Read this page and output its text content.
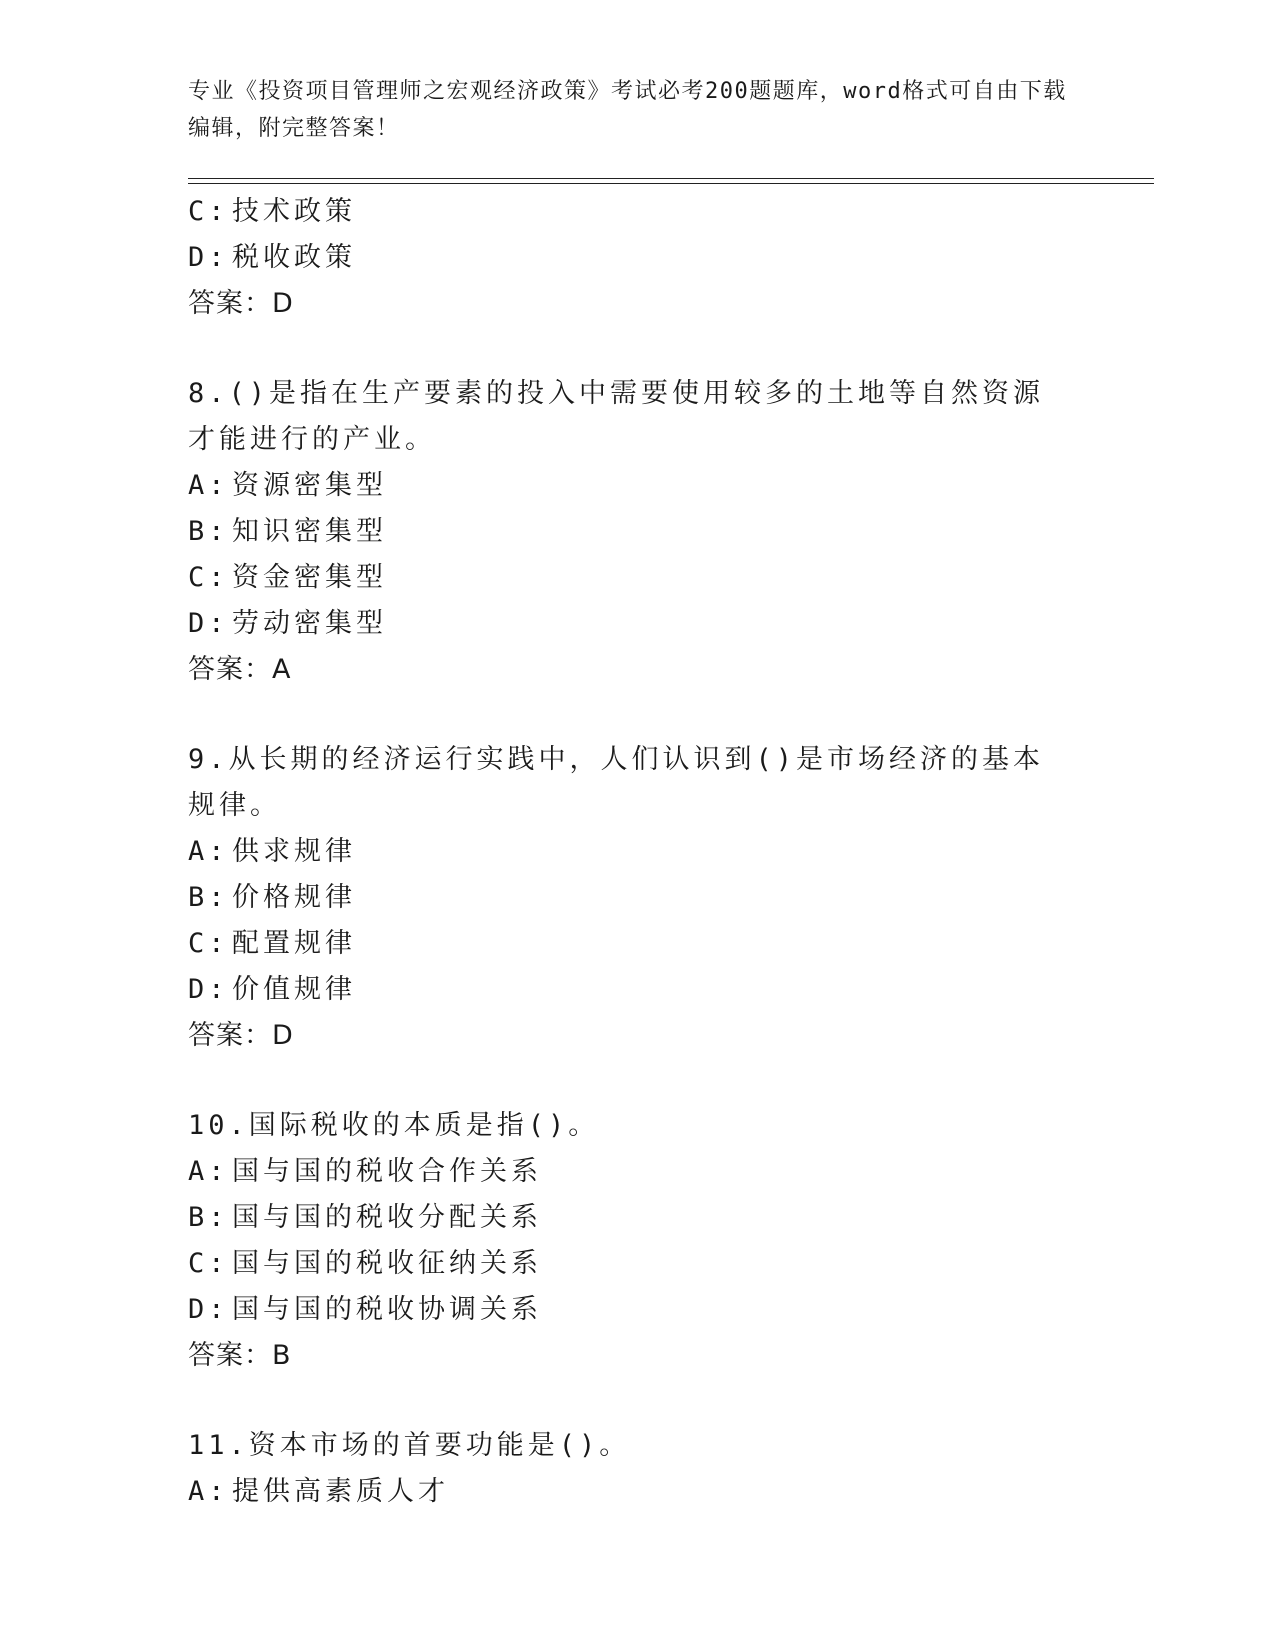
专业《投资项目管理师之宏观经济政策》考试必考200题题库，word格式可自由下载编辑，附完整答案！
C: 技术政策
D: 税收政策
答案：D
8.()是指在生产要素的投入中需要使用较多的土地等自然资源才能进行的产业。
A: 资源密集型
B: 知识密集型
C: 资金密集型
D: 劳动密集型
答案：A
9.从长期的经济运行实践中，人们认识到()是市场经济的基本规律。
A: 供求规律
B: 价格规律
C: 配置规律
D: 价值规律
答案：D
10.国际税收的本质是指()。
A: 国与国的税收合作关系
B: 国与国的税收分配关系
C: 国与国的税收征纳关系
D: 国与国的税收协调关系
答案：B
11.资本市场的首要功能是()。
A: 提供高素质人才
